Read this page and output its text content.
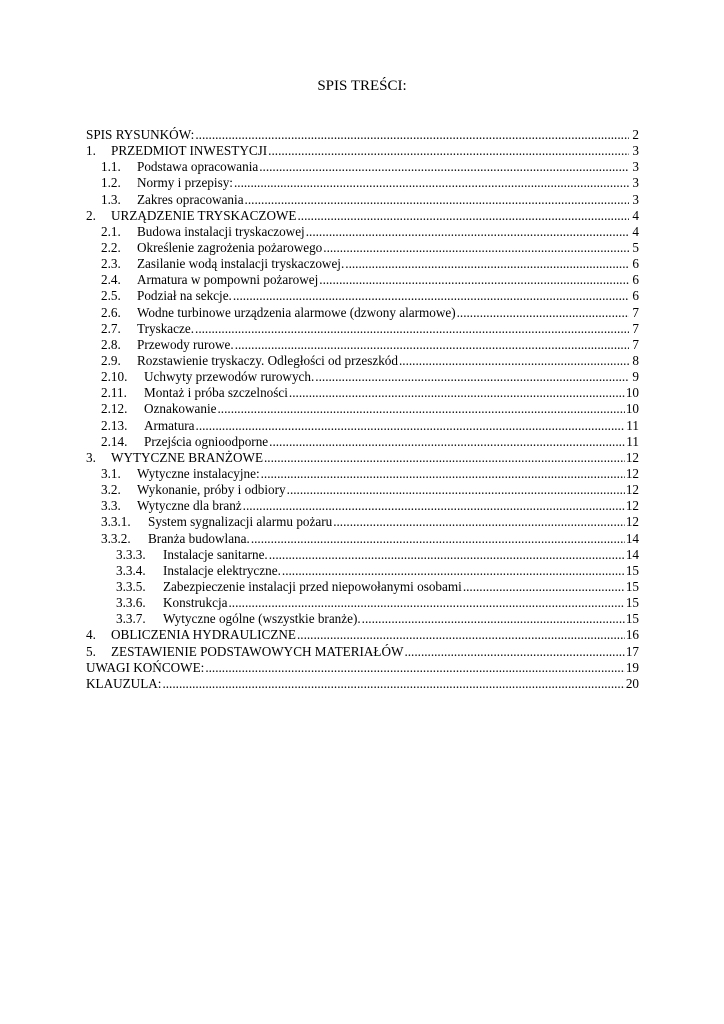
SPIS TREŚCI:
SPIS RYSUNKÓW: .....	2
1.	PRZEDMIOT INWESTYCJI .....	3
1.1.	Podstawa opracowania .....	3
1.2.	Normy i przepisy: .....	3
1.3.	Zakres opracowania .....	3
2.	URZĄDZENIE TRYSKACZOWE .....	4
2.1.	Budowa instalacji tryskaczowej .....	4
2.2.	Określenie zagrożenia pożarowego .....	5
2.3.	Zasilanie wodą instalacji tryskaczowej. .....	6
2.4.	Armatura w pompowni pożarowej .....	6
2.5.	Podział na sekcje. .....	6
2.6.	Wodne turbinowe urządzenia alarmowe (dzwony alarmowe) .....	7
2.7.	Tryskacze. .....	7
2.8.	Przewody rurowe. .....	7
2.9.	Rozstawienie tryskaczy. Odległości od przeszkód .....	8
2.10.	Uchwyty przewodów rurowych. .....	9
2.11.	Montaż i próba szczelności .....	10
2.12.	Oznakowanie .....	10
2.13.	Armatura .....	11
2.14.	Przejścia ognioodporne .....	11
3.	WYTYCZNE BRANŻOWE .....	12
3.1.	Wytyczne instalacyjne: .....	12
3.2.	Wykonanie, próby i odbiory .....	12
3.3.	Wytyczne dla branż .....	12
3.3.1.	System sygnalizacji alarmu pożaru .....	12
3.3.2.	Branża budowlana. .....	14
3.3.3.	Instalacje sanitarne. .....	14
3.3.4.	Instalacje elektryczne. .....	15
3.3.5.	Zabezpieczenie instalacji przed niepowołanymi osobami .....	15
3.3.6.	Konstrukcja .....	15
3.3.7.	Wytyczne ogólne (wszystkie branże). .....	15
4.	OBLICZENIA HYDRAULICZNE .....	16
5.	ZESTAWIENIE PODSTAWOWYCH MATERIAŁÓW .....	17
UWAGI KOŃCOWE: .....	19
KLAUZULA: .....	20
